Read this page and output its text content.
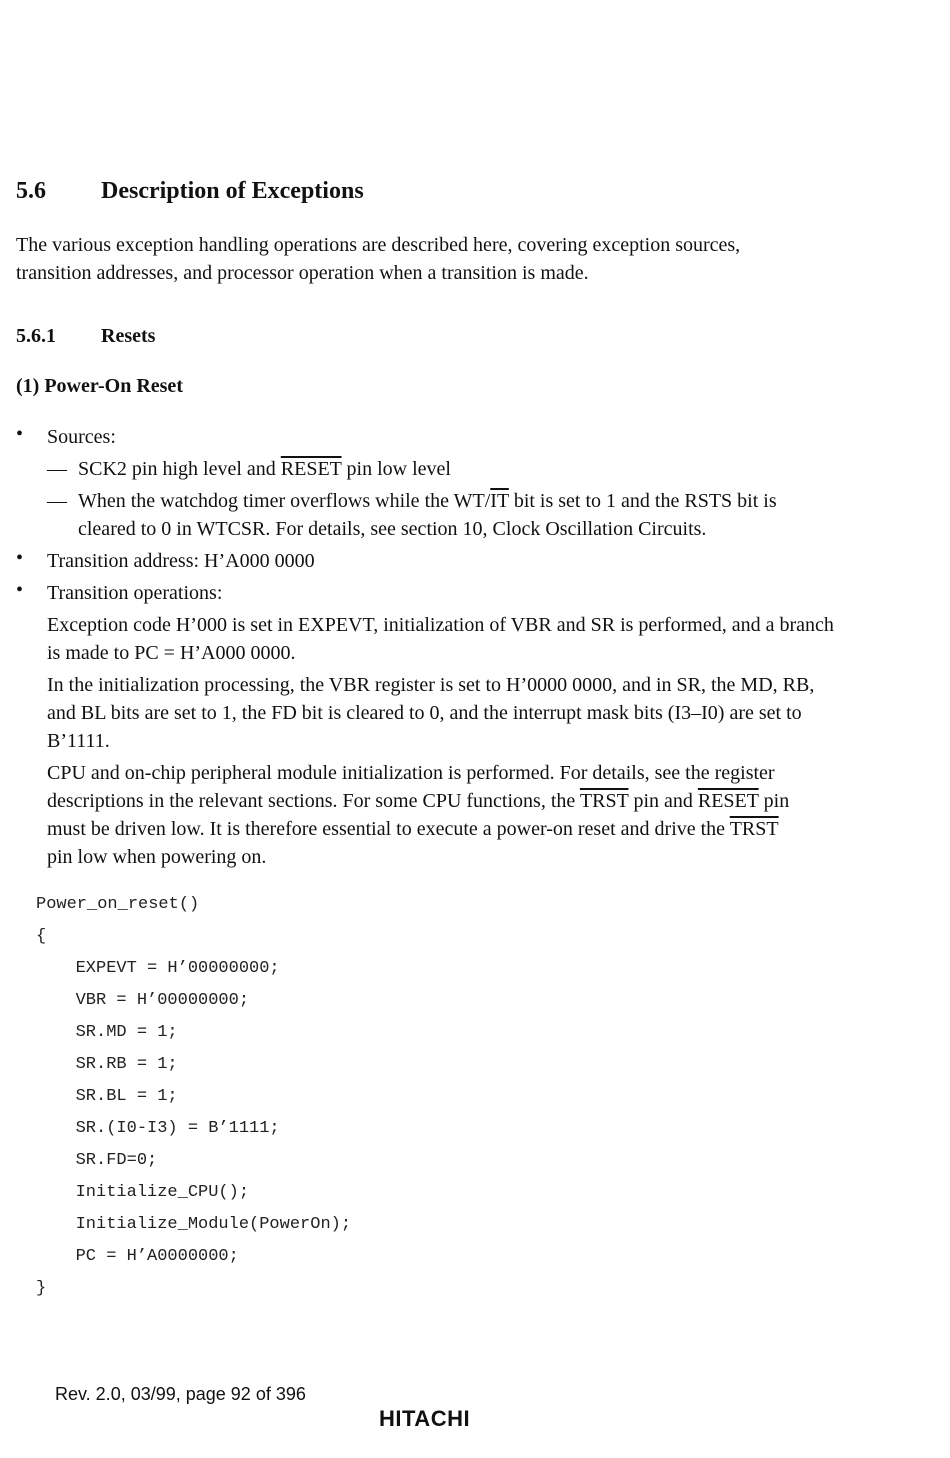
5.6 Description of Exceptions
The various exception handling operations are described here, covering exception sources, transition addresses, and processor operation when a transition is made.
5.6.1 Resets
(1) Power-On Reset
• Sources:
— SCK2 pin high level and RESET pin low level
— When the watchdog timer overflows while the $WT/\overline{IT}$ bit is set to 1 and the RSTS bit is
cleared to 0 in WTCSR. For details, see section 10, Clock Oscillation Circuits.
• Transition address: H’A000 0000
• Transition operations:
Exception code H’000 is set in EXPEVT, initialization of VBR and SR is performed, and a branch is made to PC = H’A000 0000.
In the initialization processing, the VBR register is set to H’0000 0000, and in SR, the MD, RB, and BL bits are set to 1, the FD bit is cleared to 0, and the interrupt mask bits (I3–I0) are set to B’1111.
CPU and on-chip peripheral module initialization is performed. For details, see the register
descriptions in the relevant sections. For some CPU functions, the TRST pin and RESET pin
must be driven low. It is therefore essential to execute a power-on reset and drive the TRST
pin low when powering on.
Power_on_reset()
{
EXPEVT = H’00000000;
VBR = H’00000000;
SR.MD = 1;
SR.RB = 1;
SR.BL = 1;
SR.(I0-I3) = B’1111;
SR.FD=0;
Initialize_CPU();
Initialize_Module(PowerOn);
PC = H’A0000000;
}
Rev. 2.0, 03/99, page 92 of 396
HITACHI
